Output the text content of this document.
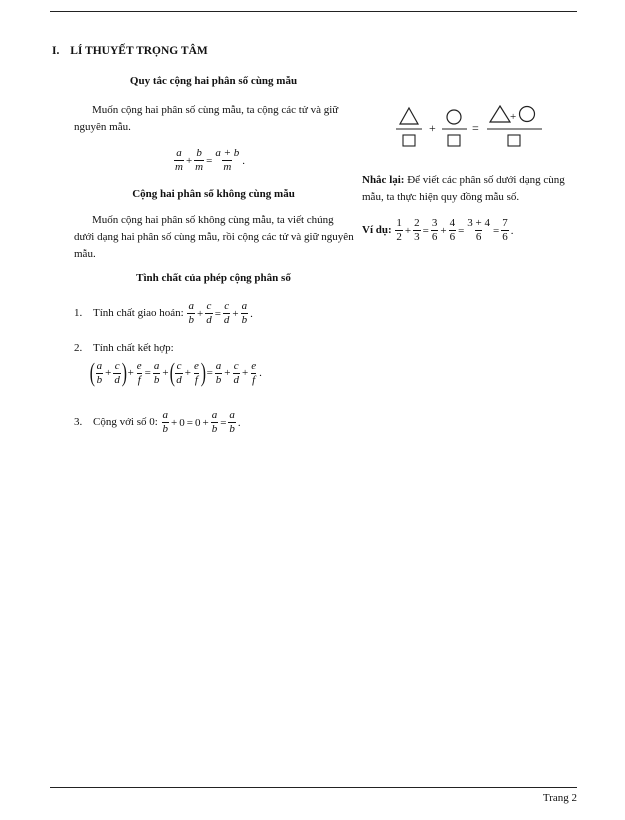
I. LÍ THUYẾT TRỌNG TÂM
Quy tắc cộng hai phân số cùng mẫu
Muốn cộng hai phân số cùng mẫu, ta cộng các tử và giữ nguyên mẫu.
$\frac{a}{m} + \frac{b}{m} = \frac{a + b}{m}$ .
Cộng hai phân số không cùng mẫu
Muốn cộng hai phân số không cùng mẫu, ta viết chúng dưới dạng hai phân số cùng mẫu, rồi cộng các tử và giữ nguyên mẫu.
Tình chất của phép cộng phân số
1. Tính chất giao hoán: $\frac{a}{b} + \frac{c}{d} = \frac{c}{d} + \frac{a}{b}$ .
2. Tính chất kết hợp:
( $\frac{a}{b} + \frac{c}{d}$ )+ $\frac{e}{f} = \frac{a}{b}$ +( $\frac{c}{d} + \frac{e}{f}$ )= $\frac{a}{b} + \frac{c}{d} + \frac{e}{f}$ .
3. Cộng với số 0: $\frac{a}{b} + 0 = 0 + \frac{a}{b} = \frac{a}{b}$ .
+	=
+
Nhắc lại: Để viết các phân số dưới dạng cùng mẫu, ta thực hiện quy đồng mẫu số.
Ví dụ: $\frac{1}{2} + \frac{2}{3} = \frac{3}{6} + \frac{4}{6} = \frac{3 + 4}{6} = \frac{7}{6}$ .
Trang 2
